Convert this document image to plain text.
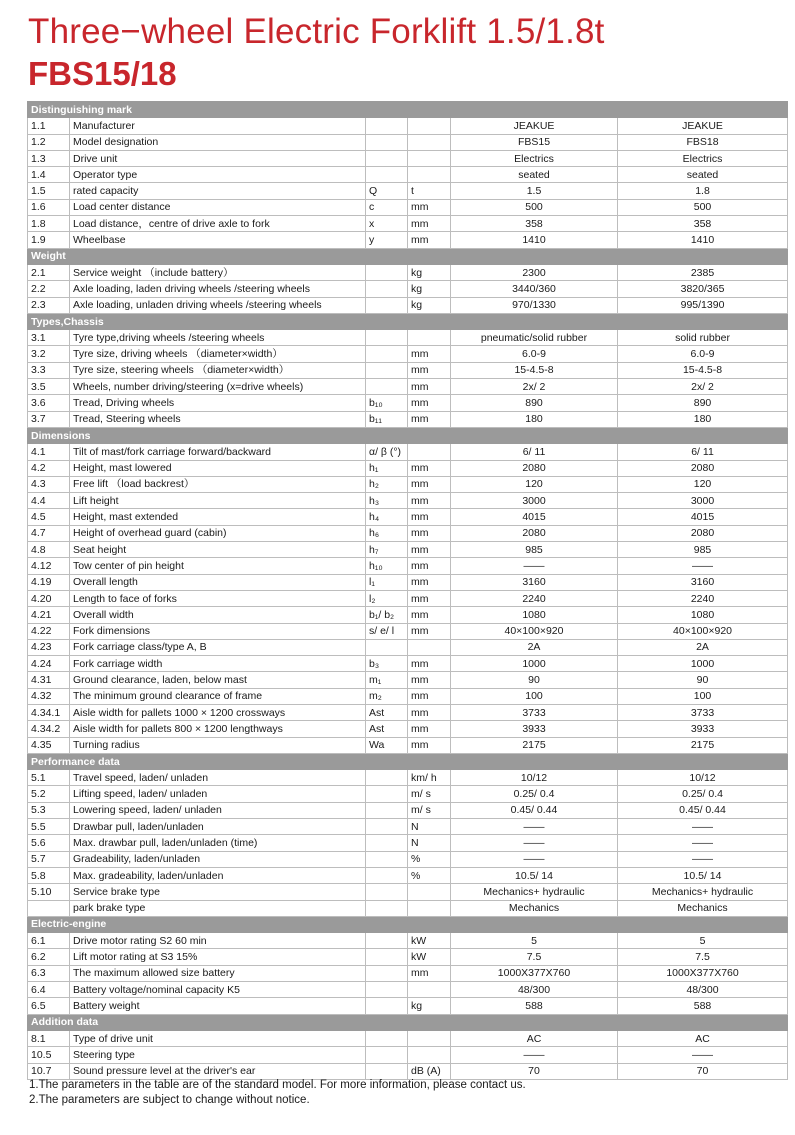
Three−wheel Electric Forklift 1.5/1.8t
FBS15/18
Distinguishing mark					
1.1	Manufacturer			JEAKUE	JEAKUE
1.2	Model designation			FBS15	FBS18
1.3	Drive unit			Electrics	Electrics
1.4	Operator type			seated	seated
1.5	rated capacity	Q	t	1.5	1.8
1.6	Load center distance	c	mm	500	500
1.8	Load distance，centre of drive axle to fork	x	mm	358	358
1.9	Wheelbase	y	mm	1410	1410
Weight					
2.1	Service weight （include battery）		kg	2300	2385
2.2	Axle loading, laden driving wheels /steering wheels		kg	3440/360	3820/365
2.3	Axle loading, unladen driving wheels /steering wheels		kg	970/1330	995/1390
Types,Chassis					
3.1	Tyre type,driving wheels /steering wheels			pneumatic/solid rubber	solid rubber
3.2	Tyre size, driving wheels （diameter×width）		mm	6.0-9	6.0-9
3.3	Tyre size, steering wheels （diameter×width）		mm	15-4.5-8	15-4.5-8
3.5	Wheels, number driving/steering (x=drive wheels)		mm	2x/ 2	2x/ 2
3.6	Tread, Driving wheels	b₁₀	mm	890	890
3.7	Tread, Steering wheels	b₁₁	mm	180	180
Dimensions					
4.1	Tilt of mast/fork carriage forward/backward	α/ β (°)		6/ 11	6/ 11
4.2	Height, mast lowered	h₁	mm	2080	2080
4.3	Free lift （load backrest）	h₂	mm	120	120
4.4	Lift height	h₃	mm	3000	3000
4.5	Height, mast extended	h₄	mm	4015	4015
4.7	Height of overhead guard (cabin)	h₆	mm	2080	2080
4.8	Seat height	h₇	mm	985	985
4.12	Tow center of pin height	h₁₀	mm	——	——
4.19	Overall length	l₁	mm	3160	3160
4.20	Length to face of forks	l₂	mm	2240	2240
4.21	Overall width	b₁/ b₂	mm	1080	1080
4.22	Fork dimensions	s/ e/ l	mm	40×100×920	40×100×920
4.23	Fork carriage class/type A, B			2A	2A
4.24	Fork carriage width	b₃	mm	1000	1000
4.31	Ground clearance, laden, below mast	m₁	mm	90	90
4.32	The minimum ground clearance of frame	m₂	mm	100	100
4.34.1	Aisle width for pallets 1000 × 1200 crossways	Ast	mm	3733	3733
4.34.2	Aisle width for pallets 800 × 1200 lengthways	Ast	mm	3933	3933
4.35	Turning radius	Wa	mm	2175	2175
Performance data					
5.1	Travel speed, laden/ unladen		km/ h	10/12	10/12
5.2	Lifting speed, laden/ unladen		m/ s	0.25/ 0.4	0.25/ 0.4
5.3	Lowering speed, laden/ unladen		m/ s	0.45/ 0.44	0.45/ 0.44
5.5	Drawbar pull, laden/unladen		N	——	——
5.6	Max. drawbar pull, laden/unladen (time)		N	——	——
5.7	Gradeability, laden/unladen		%	——	——
5.8	Max. gradeability, laden/unladen		%	10.5/ 14	10.5/ 14
5.10	Service brake type			Mechanics+ hydraulic	Mechanics+ hydraulic
	park brake type			Mechanics	Mechanics
Electric-engine					
6.1	Drive motor rating S2 60 min		kW	5	5
6.2	Lift motor rating at S3 15%		kW	7.5	7.5
6.3	The maximum allowed size battery		mm	1000X377X760	1000X377X760
6.4	Battery voltage/nominal capacity K5			48/300	48/300
6.5	Battery weight		kg	588	588
Addition data					
8.1	Type of drive unit			AC	AC
10.5	Steering type			——	——
10.7	Sound pressure level at the driver's ear		dB (A)	70	70
1.The parameters in the table are of the standard model. For more information, please contact us.
2.The parameters are subject to change without notice.
